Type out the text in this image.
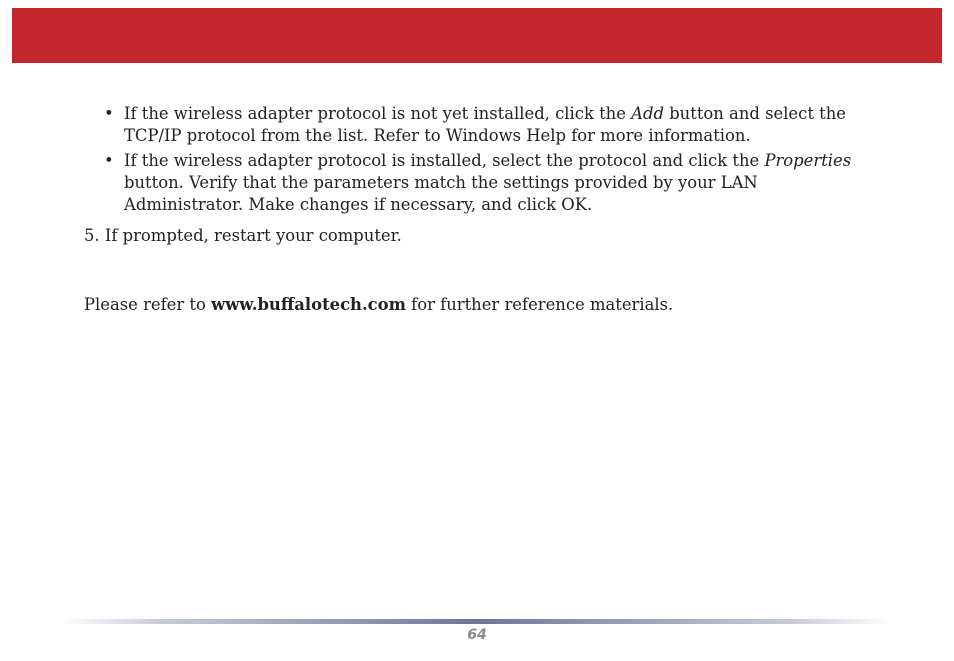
• If the wireless adapter protocol is not yet installed, click the Add button and select the TCP/IP protocol from the list. Refer to Windows Help for more information.
• If the wireless adapter protocol is installed, select the protocol and click the Properties button. Verify that the parameters match the settings provided by your LAN Administrator. Make changes if necessary, and click OK.

5. If prompted, restart your computer.

Please refer to www.buffalotech.com for further reference materials.

64
